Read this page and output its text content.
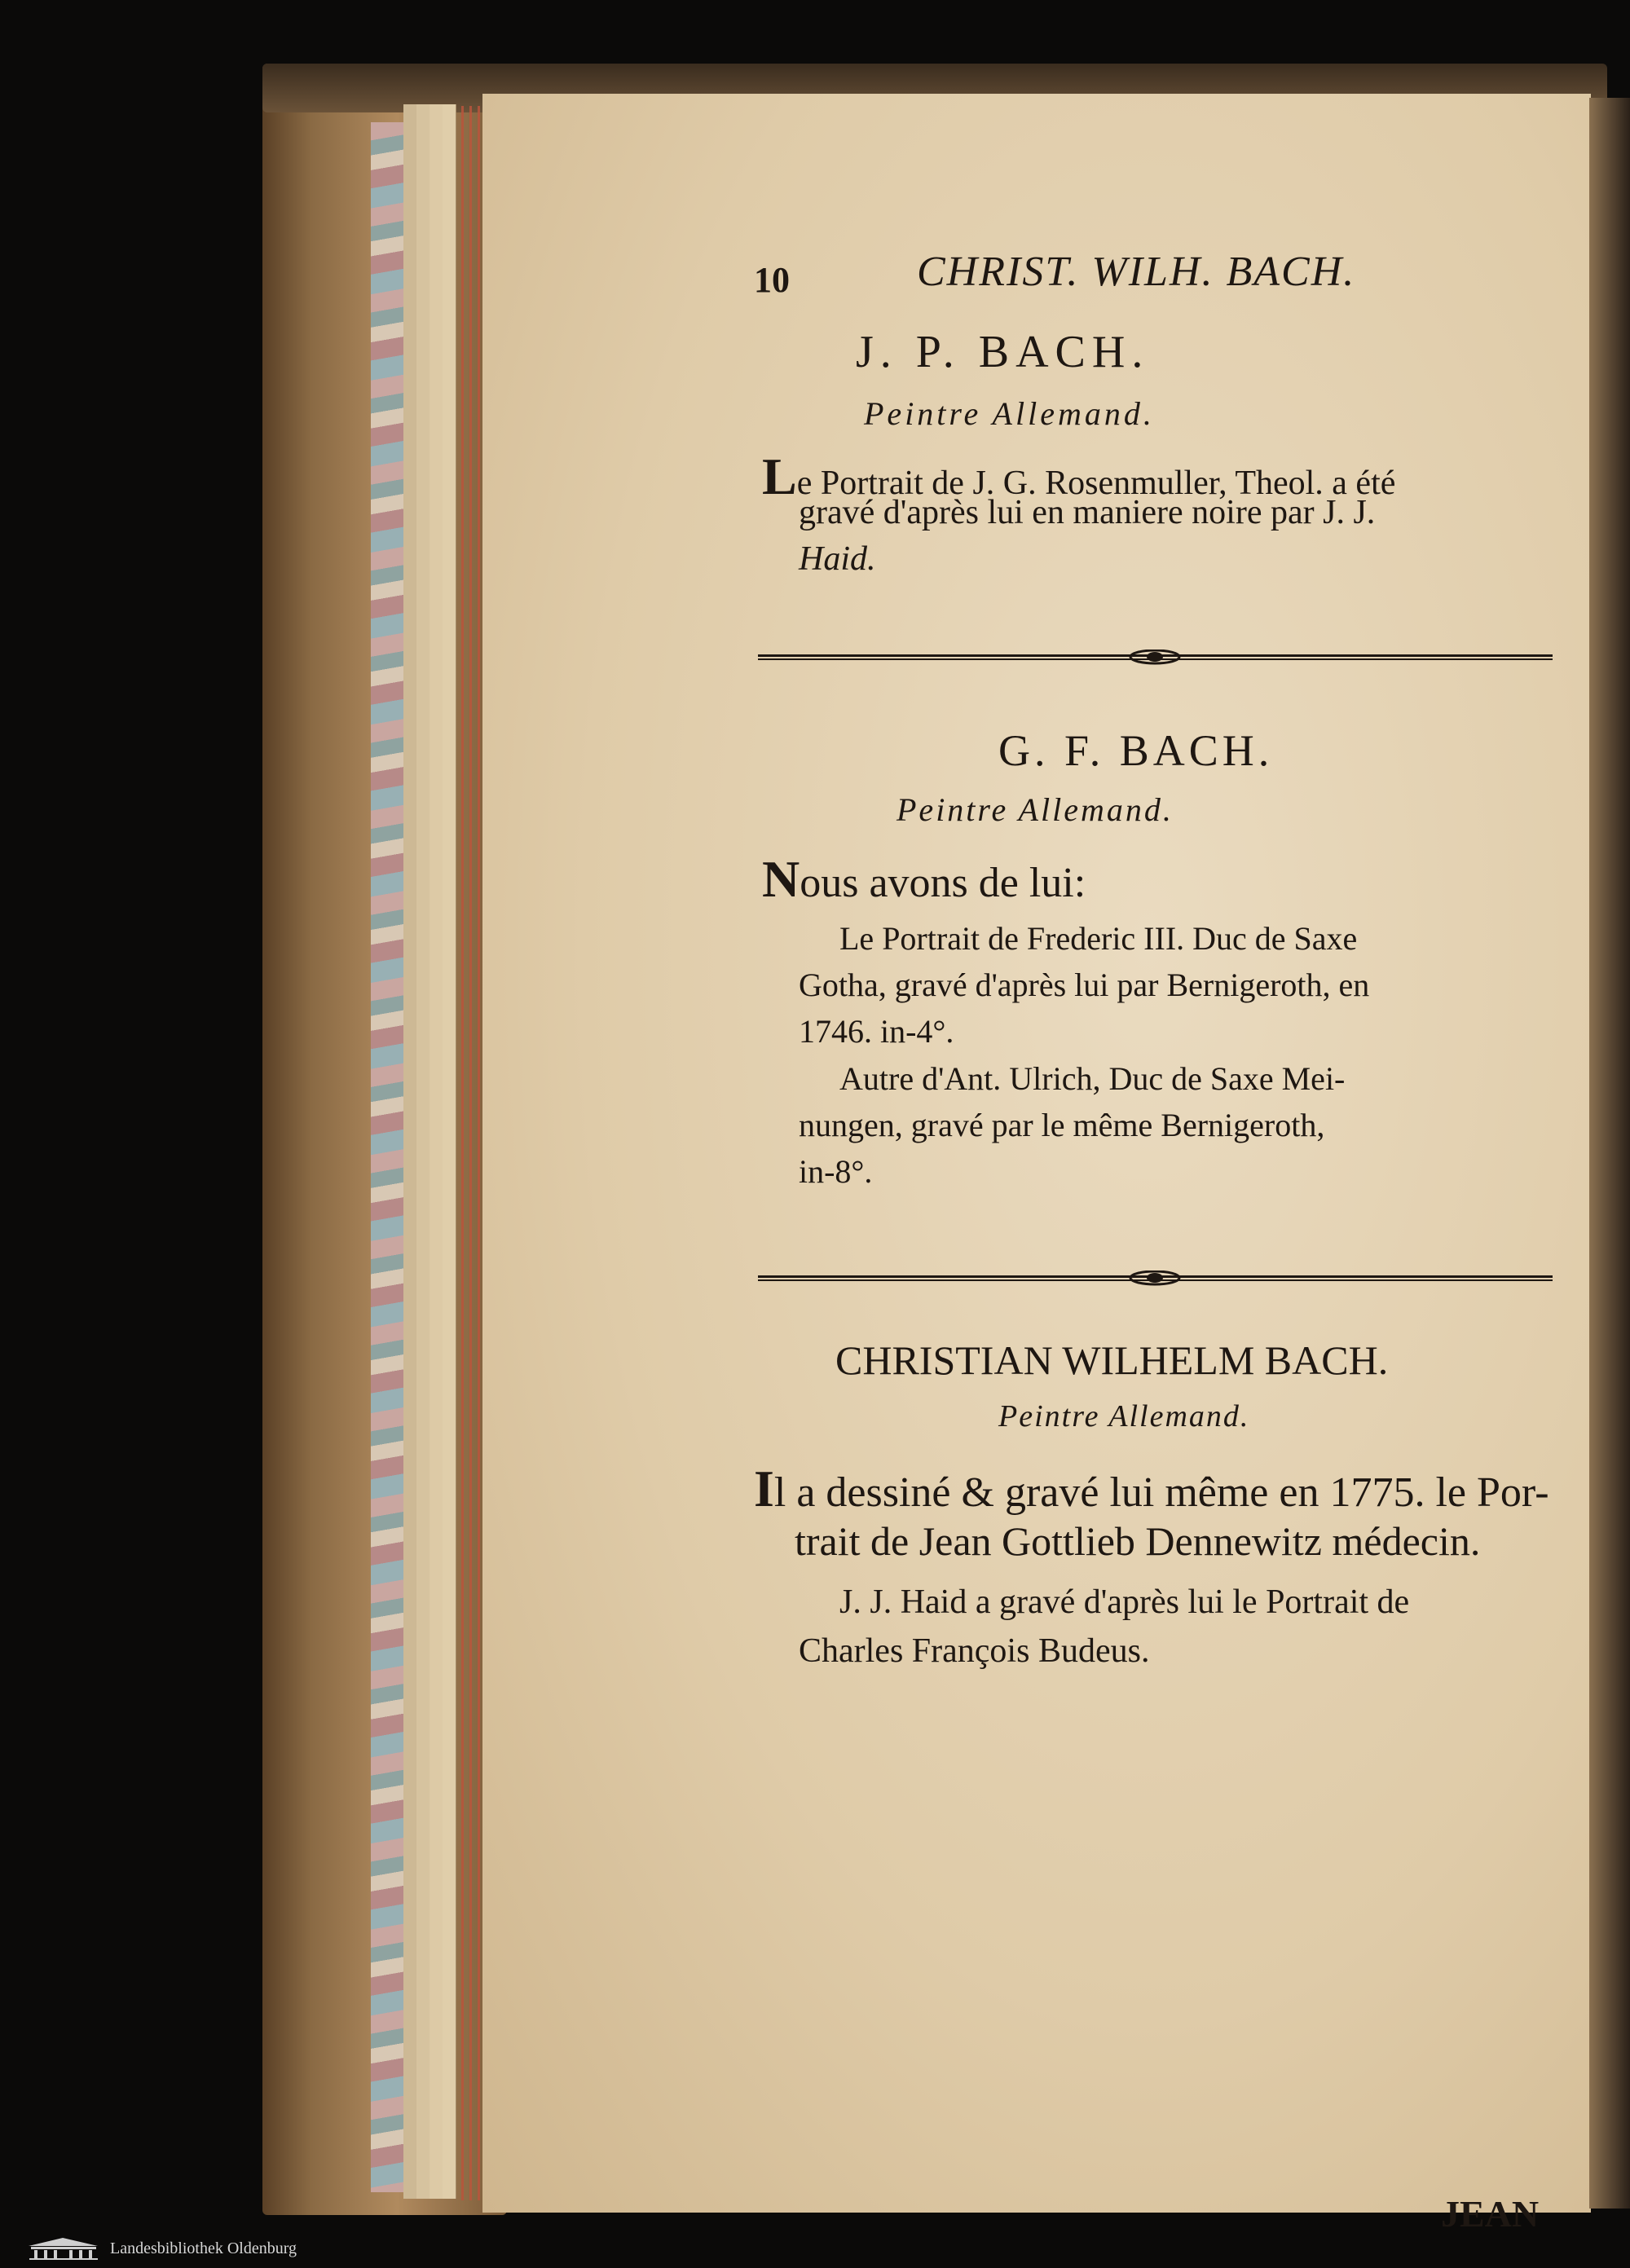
10	CHRIST. WILH. BACH.
J. P. BACH.
Peintre Allemand.
Le Portrait de J. G. Rosenmuller, Theol. a été
gravé d'après lui en maniere noire par J. J.
Haid.
G. F. BACH.
Peintre Allemand.
Nous avons de lui:
Le Portrait de Frederic III. Duc de Saxe
Gotha, gravé d'après lui par Bernigeroth, en
1746. in-4°.
Autre d'Ant. Ulrich, Duc de Saxe Mei-
nungen, gravé par le même Bernigeroth,
in-8°.
CHRISTIAN WILHELM BACH.
Peintre Allemand.
Il a dessiné & gravé lui même en 1775. le Por-
trait de Jean Gottlieb Dennewitz médecin.
J. J. Haid a gravé d'après lui le Portrait de
Charles François Budeus.
Landesbibliothek Oldenburg
JEAN
